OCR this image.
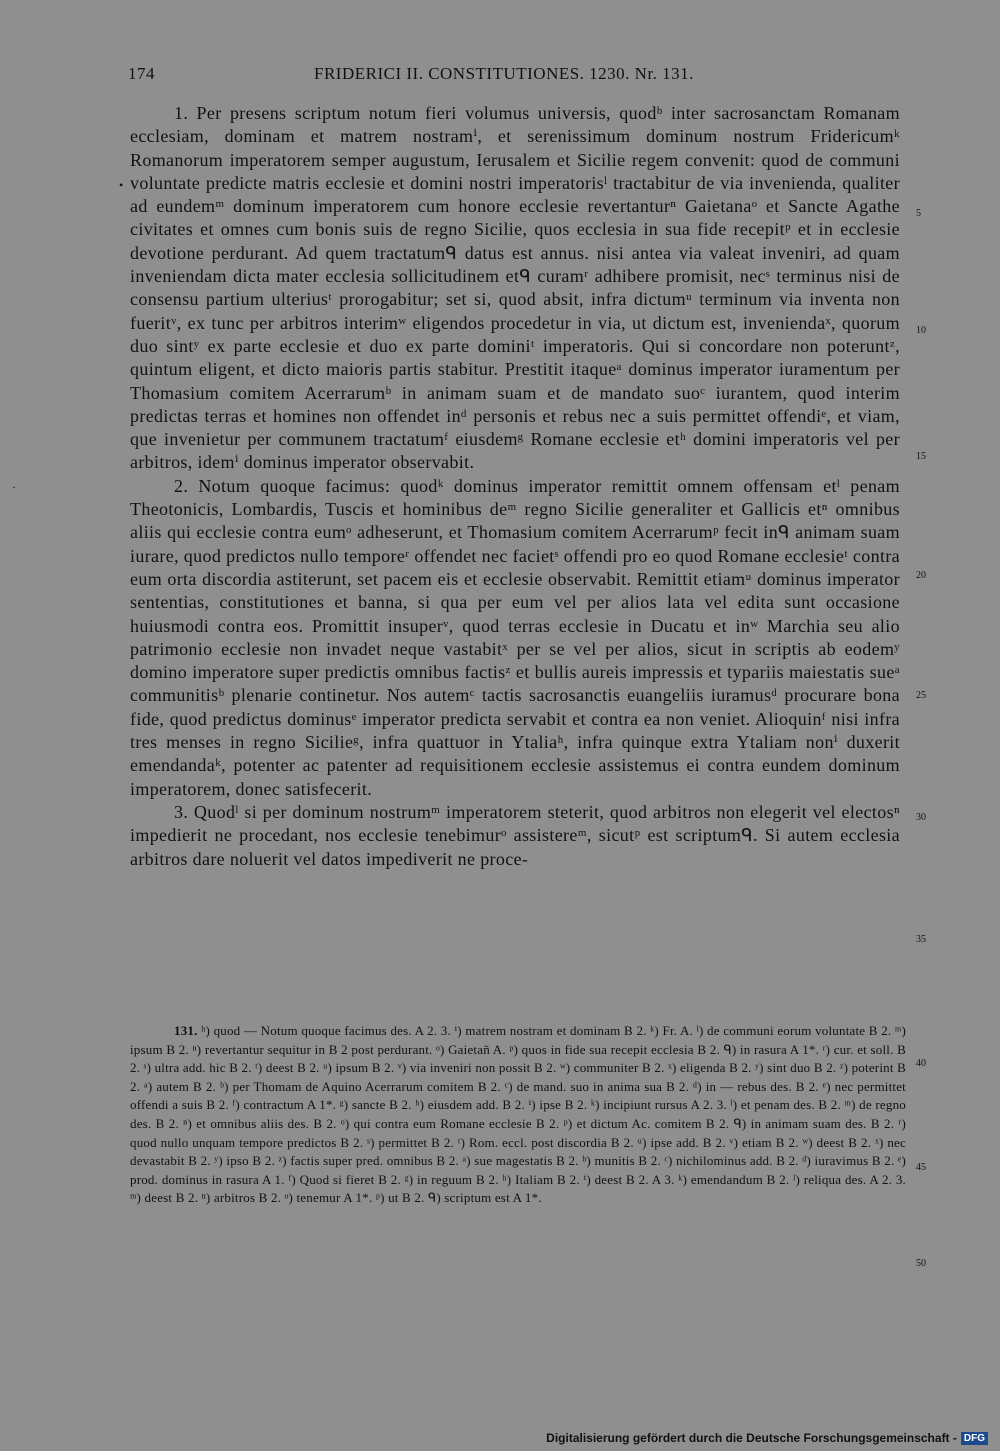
174	FRIDERICI II. CONSTITUTIONES. 1230. Nr. 131.

1. Per presens scriptum notum fieri volumus universis, quodᵇ inter sacrosanctam Romanam ecclesiam, dominam et matrem nostramⁱ, et serenissimum dominum nostrum Fridericumᵏ Romanorum imperatorem semper augustum, Ierusalem et Sicilie regem convenit: quod de communi voluntate predicte matris ecclesie et domini nostri imperatorisˡ tractabitur de via invenienda, qualiter ad eundemᵐ dominum imperatorem cum honore ecclesie revertanturⁿ Gaietanaᵒ et Sancte Agathe civitates et omnes cum bonis suis de regno Sicilie, quos ecclesia in sua fide recepitᵖ et in ecclesie devotione perdurant. Ad quem tractatumᑫ datus est annus. nisi antea via valeat inveniri, ad quam inveniendam dicta mater ecclesia sollicitudinem etᑫ curamʳ adhibere promisit, necˢ terminus nisi de consensu partium ulteriusᵗ prorogabitur; set si, quod absit, infra dictumᵘ terminum via inventa non fueritᵛ, ex tunc per arbitros interimʷ eligendos procedetur in via, ut dictum est, inveniendaˣ, quorum duo sintʸ ex parte ecclesie et duo ex parte dominiᵗ imperatoris. Qui si concordare non poteruntᶻ, quintum eligent, et dicto maioris partis stabitur. Prestitit itaqueᵃ dominus imperator iuramentum per Thomasium comitem Acerrarumᵇ in animam suam et de mandato suoᶜ iurantem, quod interim predictas terras et homines non offendet inᵈ personis et rebus nec a suis permittet offendiᵉ, et viam, que invenietur per communem tractatumᶠ eiusdemᵍ Romane ecclesie etʰ domini imperatoris vel per arbitros, idemⁱ dominus imperator observabit.

2. Notum quoque facimus: quodᵏ dominus imperator remittit omnem offensam etˡ penam Theotonicis, Lombardis, Tuscis et hominibus deᵐ regno Sicilie generaliter et Gallicis etⁿ omnibus aliis qui ecclesie contra eumᵒ adheserunt, et Thomasium comitem Acerrarumᵖ fecit inᑫ animam suam iurare, quod predictos nullo temporeʳ offendet nec facietˢ offendi pro eo quod Romane ecclesieᵗ contra eum orta discordia astiterunt, set pacem eis et ecclesie observabit. Remittit etiamᵘ dominus imperator sententias, constitutiones et banna, si qua per eum vel per alios lata vel edita sunt occasione huiusmodi contra eos. Promittit insuperᵛ, quod terras ecclesie in Ducatu et inʷ Marchia seu alio patrimonio ecclesie non invadet neque vastabitˣ per se vel per alios, sicut in scriptis ab eodemʸ domino imperatore super predictis omnibus factisᶻ et bullis aureis impressis et typariis maiestatis sueᵃ communitisᵇ plenarie continetur. Nos autemᶜ tactis sacrosanctis euangeliis iuramusᵈ procurare bona fide, quod predictus dominusᵉ imperator predicta servabit et contra ea non veniet. Alioquinᶠ nisi infra tres menses in regno Sicilieᵍ, infra quattuor in Ytaliaʰ, infra quinque extra Ytaliam nonⁱ duxerit emendandaᵏ, potenter ac patenter ad requisitionem ecclesie assistemus ei contra eundem dominum imperatorem, donec satisfecerit.

3. Quodˡ si per dominum nostrumᵐ imperatorem steterit, quod arbitros non elegerit vel electosⁿ impedierit ne procedant, nos ecclesie tenebimurᵒ assistereᵐ, sicutᵖ est scriptumᑫ. Si autem ecclesia arbitros dare noluerit vel datos impediverit ne proce-

5
10
15
20
25
30
35
40
45
50
•
·

131. ʰ) quod — Notum quoque facimus des. A 2. 3. ⁱ) matrem nostram et dominam B 2. ᵏ) Fr. A. ˡ) de communi eorum voluntate B 2. ᵐ) ipsum B 2. ⁿ) revertantur sequitur in B 2 post perdurant. ᵒ) Gaietañ A. ᵖ) quos in fide sua recepit ecclesia B 2. ᑫ) in rasura A 1*. ʳ) cur. et soll. B 2. ˢ) ultra add. hic B 2. ᵗ) deest B 2. ᵘ) ipsum B 2. ᵛ) via inveniri non possit B 2. ʷ) communiter B 2. ˣ) eligenda B 2. ʸ) sint duo B 2. ᶻ) poterint B 2. ᵃ) autem B 2. ᵇ) per Thomam de Aquino Acerrarum comitem B 2. ᶜ) de mand. suo in anima sua B 2. ᵈ) in — rebus des. B 2. ᵉ) nec permittet offendi a suis B 2. ᶠ) contractum A 1*. ᵍ) sancte B 2. ʰ) eiusdem add. B 2. ⁱ) ipse B 2. ᵏ) incipiunt rursus A 2. 3. ˡ) et penam des. B 2. ᵐ) de regno des. B 2. ⁿ) et omnibus aliis des. B 2. ᵒ) qui contra eum Romane ecclesie B 2. ᵖ) et dictum Ac. comitem B 2. ᑫ) in animam suam des. B 2. ʳ) quod nullo unquam tempore predictos B 2. ˢ) permittet B 2. ᵗ) Rom. eccl. post discordia B 2. ᵘ) ipse add. B 2. ᵛ) etiam B 2. ʷ) deest B 2. ˣ) nec devastabit B 2. ʸ) ipso B 2. ᶻ) factis super pred. omnibus B 2. ᵃ) sue magestatis B 2. ᵇ) munitis B 2. ᶜ) nichilominus add. B 2. ᵈ) iuravimus B 2. ᵉ) prod. dominus in rasura A 1. ᶠ) Quod si fieret B 2. ᵍ) in reguum B 2. ʰ) Italiam B 2. ⁱ) deest B 2. A 3. ᵏ) emendandum B 2. ˡ) reliqua des. A 2. 3. ᵐ) deest B 2. ⁿ) arbitros B 2. ᵒ) tenemur A 1*. ᵖ) ut B 2. ᑫ) scriptum est A 1*.

Digitalisierung gefördert durch die Deutsche Forschungsgemeinschaft - DFG
